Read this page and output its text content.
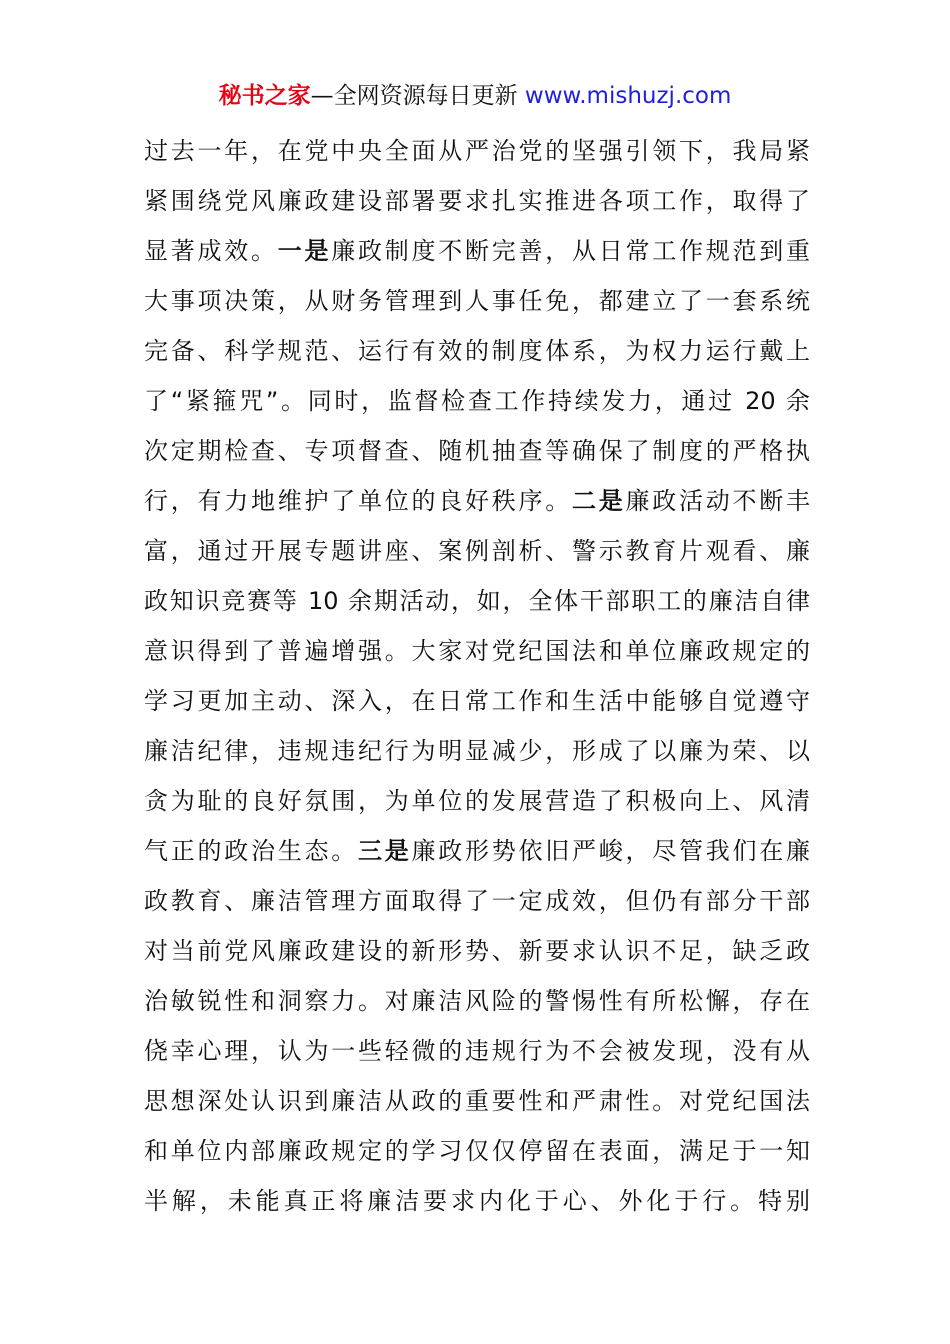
秘书之家—全网资源每日更新 www.mishuzj.com
过去一年，在党中央全面从严治党的坚强引领下，我局紧
紧围绕党风廉政建设部署要求扎实推进各项工作，取得了
显著成效。一是廉政制度不断完善，从日常工作规范到重
大事项决策，从财务管理到人事任免，都建立了一套系统
完备、科学规范、运行有效的制度体系，为权力运行戴上
了“紧箍咒”。同时，监督检查工作持续发力，通过 20 余
次定期检查、专项督查、随机抽查等确保了制度的严格执
行，有力地维护了单位的良好秩序。二是廉政活动不断丰
富，通过开展专题讲座、案例剖析、警示教育片观看、廉
政知识竞赛等 10 余期活动，如，全体干部职工的廉洁自律
意识得到了普遍增强。大家对党纪国法和单位廉政规定的
学习更加主动、深入，在日常工作和生活中能够自觉遵守
廉洁纪律，违规违纪行为明显减少，形成了以廉为荣、以
贪为耻的良好氛围，为单位的发展营造了积极向上、风清
气正的政治生态。三是廉政形势依旧严峻，尽管我们在廉
政教育、廉洁管理方面取得了一定成效，但仍有部分干部
对当前党风廉政建设的新形势、新要求认识不足，缺乏政
治敏锐性和洞察力。对廉洁风险的警惕性有所松懈，存在
侥幸心理，认为一些轻微的违规行为不会被发现，没有从
思想深处认识到廉洁从政的重要性和严肃性。对党纪国法
和单位内部廉政规定的学习仅仅停留在表面，满足于一知
半解，未能真正将廉洁要求内化于心、外化于行。特别
